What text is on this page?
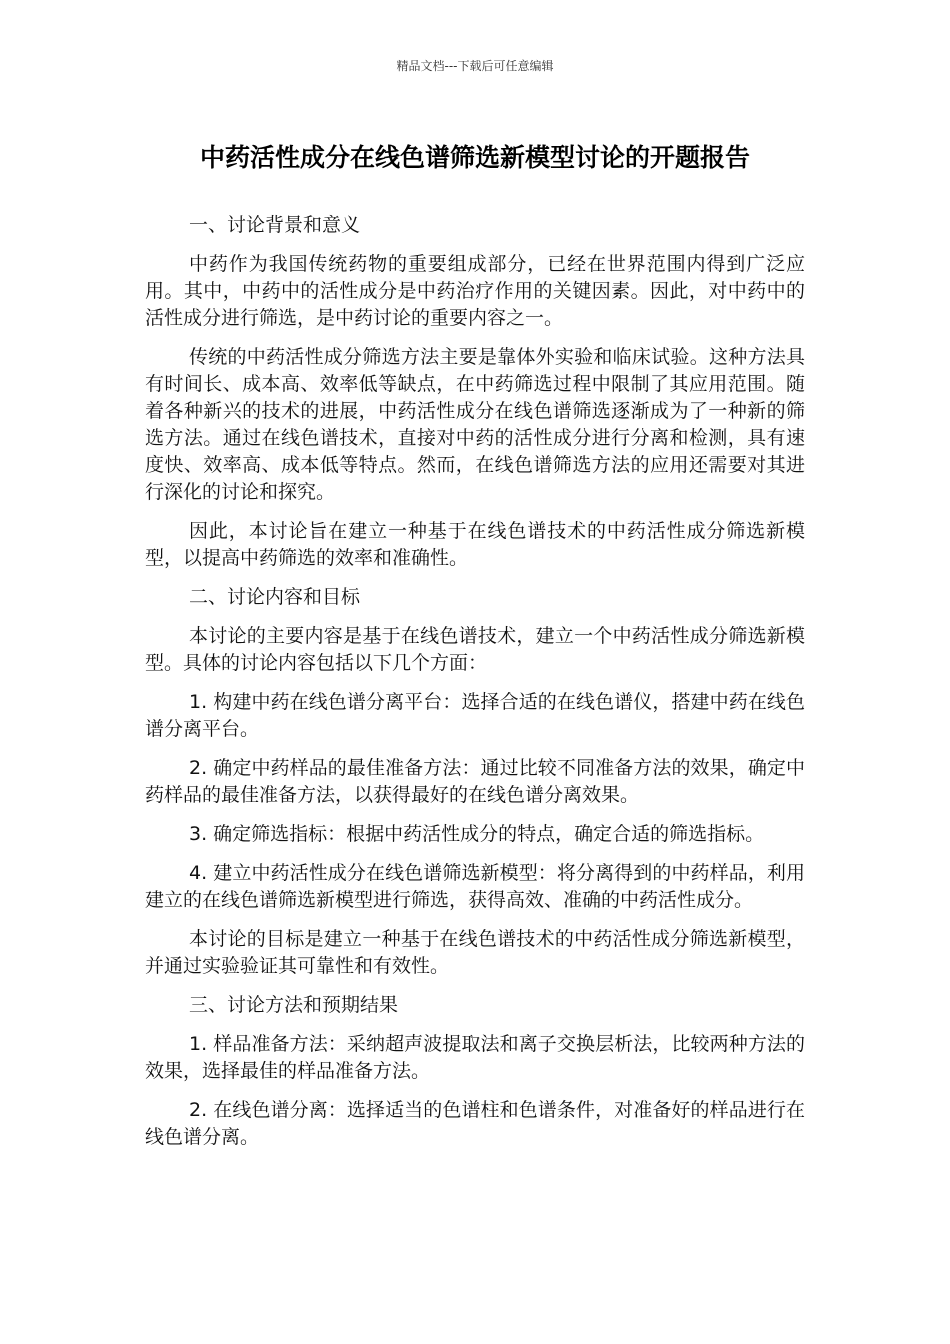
精品文档---下载后可任意编辑
中药活性成分在线色谱筛选新模型讨论的开题报告

一、讨论背景和意义

中药作为我国传统药物的重要组成部分，已经在世界范围内得到广泛应用。其中，中药中的活性成分是中药治疗作用的关键因素。因此，对中药中的活性成分进行筛选，是中药讨论的重要内容之一。

传统的中药活性成分筛选方法主要是靠体外实验和临床试验。这种方法具有时间长、成本高、效率低等缺点，在中药筛选过程中限制了其应用范围。随着各种新兴的技术的进展，中药活性成分在线色谱筛选逐渐成为了一种新的筛选方法。通过在线色谱技术，直接对中药的活性成分进行分离和检测，具有速度快、效率高、成本低等特点。然而，在线色谱筛选方法的应用还需要对其进行深化的讨论和探究。

因此，本讨论旨在建立一种基于在线色谱技术的中药活性成分筛选新模型，以提高中药筛选的效率和准确性。

二、讨论内容和目标

本讨论的主要内容是基于在线色谱技术，建立一个中药活性成分筛选新模型。具体的讨论内容包括以下几个方面：

1. 构建中药在线色谱分离平台：选择合适的在线色谱仪，搭建中药在线色谱分离平台。

2. 确定中药样品的最佳准备方法：通过比较不同准备方法的效果，确定中药样品的最佳准备方法，以获得最好的在线色谱分离效果。

3. 确定筛选指标：根据中药活性成分的特点，确定合适的筛选指标。

4. 建立中药活性成分在线色谱筛选新模型：将分离得到的中药样品，利用建立的在线色谱筛选新模型进行筛选，获得高效、准确的中药活性成分。

本讨论的目标是建立一种基于在线色谱技术的中药活性成分筛选新模型，并通过实验验证其可靠性和有效性。

三、讨论方法和预期结果

1. 样品准备方法：采纳超声波提取法和离子交换层析法，比较两种方法的效果，选择最佳的样品准备方法。

2. 在线色谱分离：选择适当的色谱柱和色谱条件，对准备好的样品进行在线色谱分离。
